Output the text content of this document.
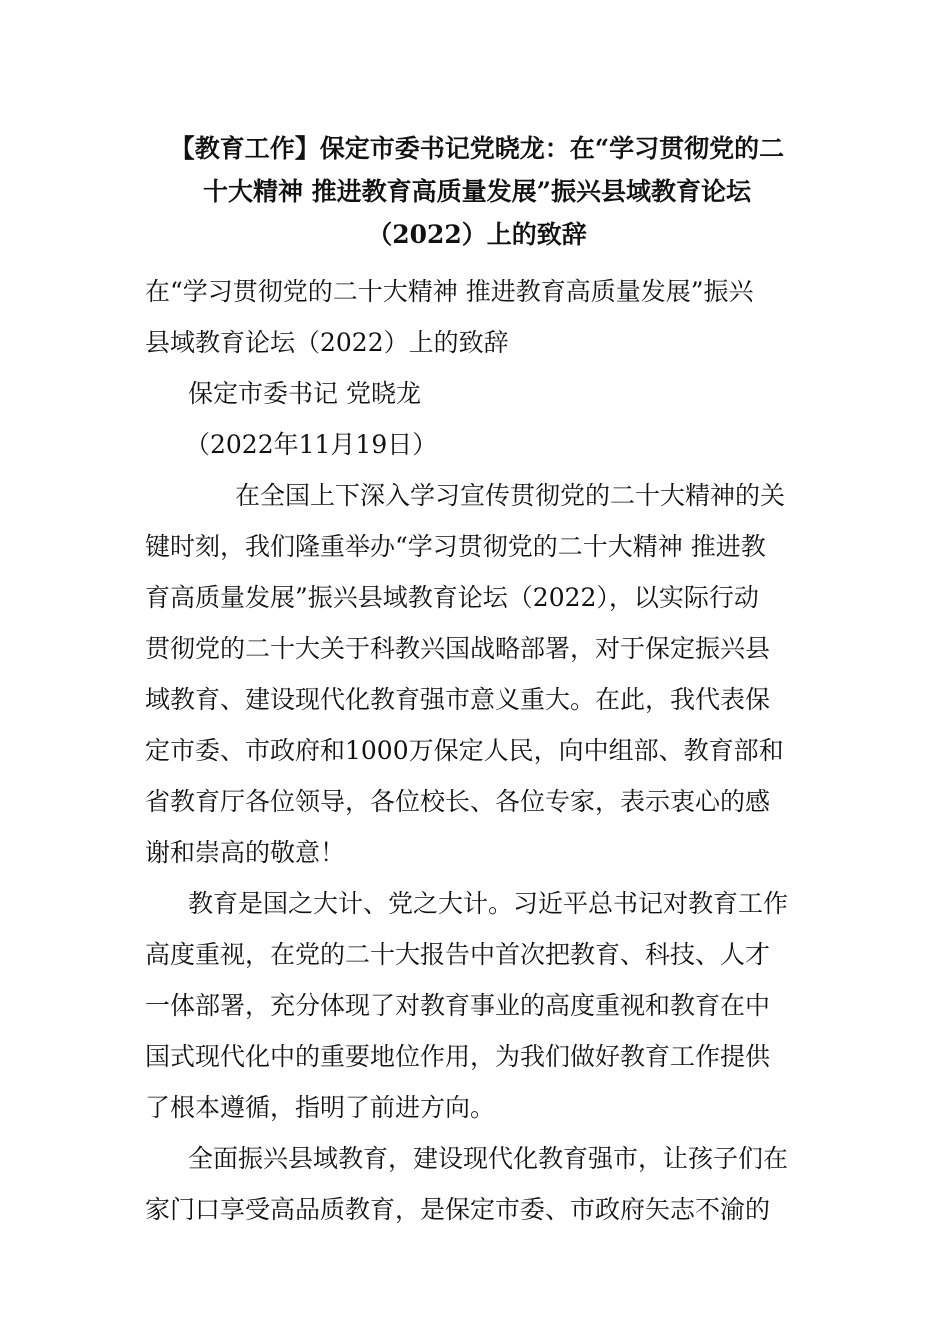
【教育工作】保定市委书记党晓龙：在“学习贯彻党的二
十大精神 推进教育高质量发展”振兴县域教育论坛
（2022）上的致辞
在“学习贯彻党的二十大精神 推进教育高质量发展”振兴
县域教育论坛（2022）上的致辞

保定市委书记 党晓龙

（2022年11月19日）

在全国上下深入学习宣传贯彻党的二十大精神的关
键时刻，我们隆重举办“学习贯彻党的二十大精神 推进教
育高质量发展”振兴县域教育论坛（2022），以实际行动
贯彻党的二十大关于科教兴国战略部署，对于保定振兴县
域教育、建设现代化教育强市意义重大。在此，我代表保
定市委、市政府和1000万保定人民，向中组部、教育部和
省教育厅各位领导，各位校长、各位专家，表示衷心的感
谢和崇高的敬意！
教育是国之大计、党之大计。习近平总书记对教育工作
高度重视，在党的二十大报告中首次把教育、科技、人才
一体部署，充分体现了对教育事业的高度重视和教育在中
国式现代化中的重要地位作用，为我们做好教育工作提供
了根本遵循，指明了前进方向。
全面振兴县域教育，建设现代化教育强市，让孩子们在
家门口享受高品质教育，是保定市委、市政府矢志不渝的
